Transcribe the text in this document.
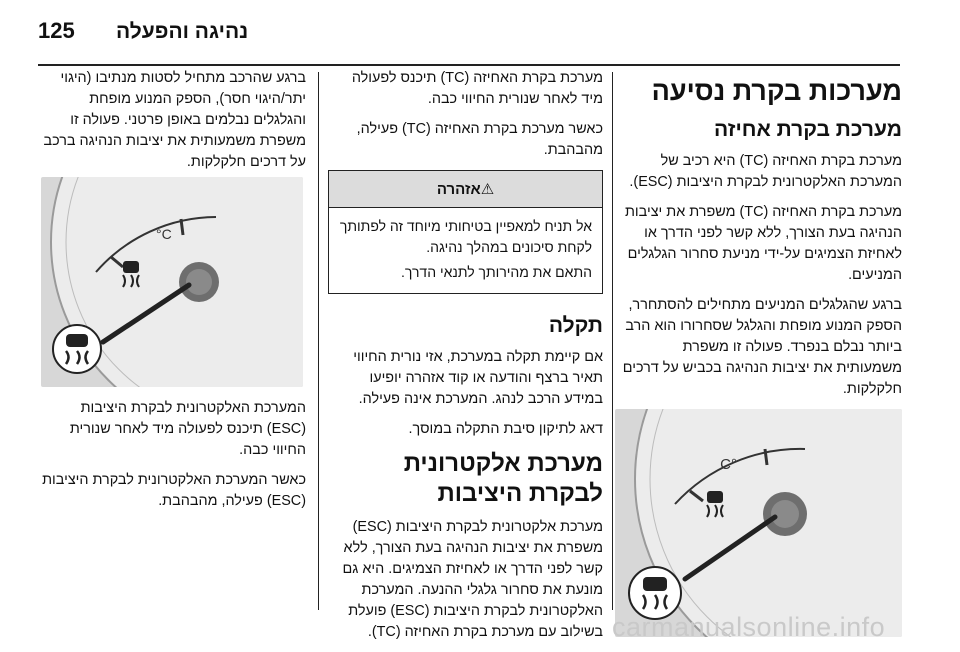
125 נהיגה והפעלה
מערכות בקרת נסיעה
מערכת בקרת אחיזה

מערכת בקרת האחיזה (TC) היא רכיב של המערכת האלקטרונית לבקרת היציבות (ESC).

מערכת בקרת האחיזה (TC) משפרת את יציבות הנהיגה בעת הצורך, ללא קשר לפני הדרך או לאחיזת הצמיגים על-ידי מניעת סחרור הגלגלים המניעים.

ברגע שהגלגלים המניעים מתחילים להסתחרר, הספק המנוע מופחת והגלגל שסחרורו הוא הרב ביותר נבלם בנפרד. פעולה זו משפרת משמעותית את יציבות הנהיגה בכביש על דרכים חלקלקות.

°C

מערכת בקרת האחיזה (TC) תיכנס לפעולה מיד לאחר שנורית החיווי כבה.

כאשר מערכת בקרת האחיזה (TC) פעילה, מהבהבת.

⚠
אזהרה

אל תניח למאפיין בטיחותי מיוחד זה לפתותך לקחת סיכונים במהלך נהיגה.

התאם את מהירותך לתנאי הדרך.

תקלה

אם קיימת תקלה במערכת, אזי נורית החיווי תאיר ברצף והודעה או קוד אזהרה יופיעו במידע הרכב לנהג. המערכת אינה פעילה.

דאג לתיקון סיבת התקלה במוסך.

מערכת אלקטרונית לבקרת היציבות

מערכת אלקטרונית לבקרת היציבות (ESC) משפרת את יציבות הנהיגה בעת הצורך, ללא קשר לפני הדרך או לאחיזת הצמיגים. היא גם מונעת את סחרור גלגלי ההנעה. המערכת האלקטרונית לבקרת היציבות (ESC) פועלת בשילוב עם מערכת בקרת האחיזה (TC).

ברגע שהרכב מתחיל לסטות מנתיבו (היגוי יתר/היגוי חסר), הספק המנוע מופחת והגלגלים נבלמים באופן פרטני. פעולה זו משפרת משמעותית את יציבות הנהיגה ברכב על דרכים חלקלקות.

°C

המערכת האלקטרונית לבקרת היציבות (ESC) תיכנס לפעולה מיד לאחר שנורית החיווי כבה.

כאשר המערכת האלקטרונית לבקרת היציבות (ESC) פעילה, מהבהבת.

carmanualsonline.info
